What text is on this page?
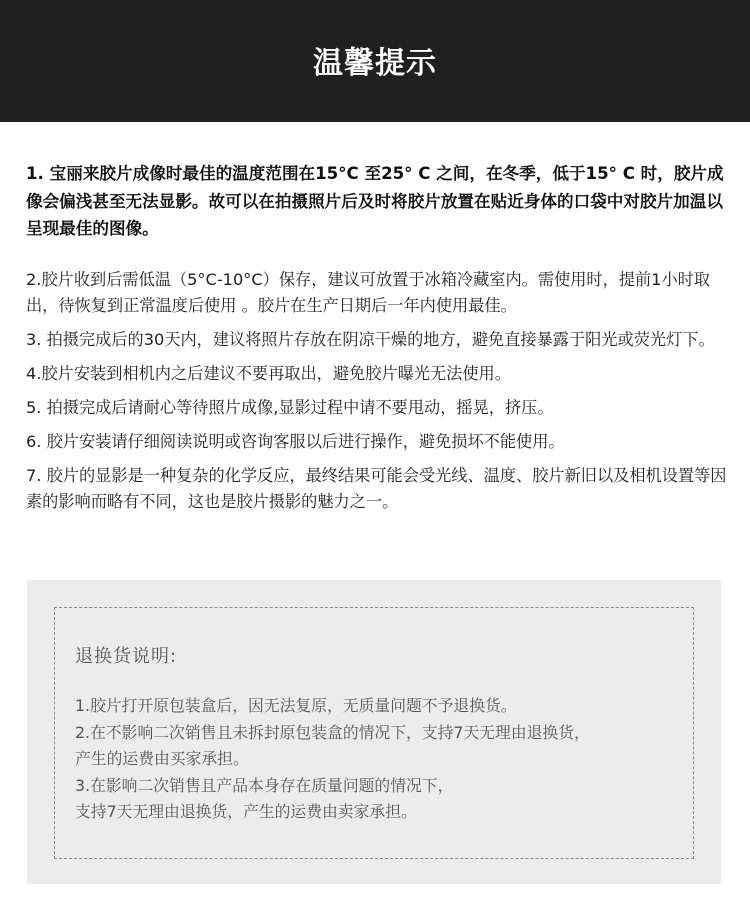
温馨提示

1. 宝丽来胶片成像时最佳的温度范围在15°C 至25° C 之间，在冬季，低于15° C 时，胶片成像会偏浅甚至无法显影。故可以在拍摄照片后及时将胶片放置在贴近身体的口袋中对胶片加温以呈现最佳的图像。

2.胶片收到后需低温（5°C-10°C）保存，建议可放置于冰箱冷藏室内。需使用时，提前1小时取出，待恢复到正常温度后使用 。胶片在生产日期后一年内使用最佳。

3. 拍摄完成后的30天内，建议将照片存放在阴凉干燥的地方，避免直接暴露于阳光或荧光灯下。

4.胶片安装到相机内之后建议不要再取出，避免胶片曝光无法使用。

5. 拍摄完成后请耐心等待照片成像,显影过程中请不要甩动，摇晃，挤压。

6. 胶片安装请仔细阅读说明或咨询客服以后进行操作，避免损坏不能使用。

7. 胶片的显影是一种复杂的化学反应，最终结果可能会受光线、温度、胶片新旧以及相机设置等因素的影响而略有不同，这也是胶片摄影的魅力之一。

退换货说明:
1.胶片打开原包装盒后，因无法复原，无质量问题不予退换货。
2.在不影响二次销售且未拆封原包装盒的情况下，支持7天无理由退换货，
产生的运费由买家承担。
3.在影响二次销售且产品本身存在质量问题的情况下，
支持7天无理由退换货，产生的运费由卖家承担。
